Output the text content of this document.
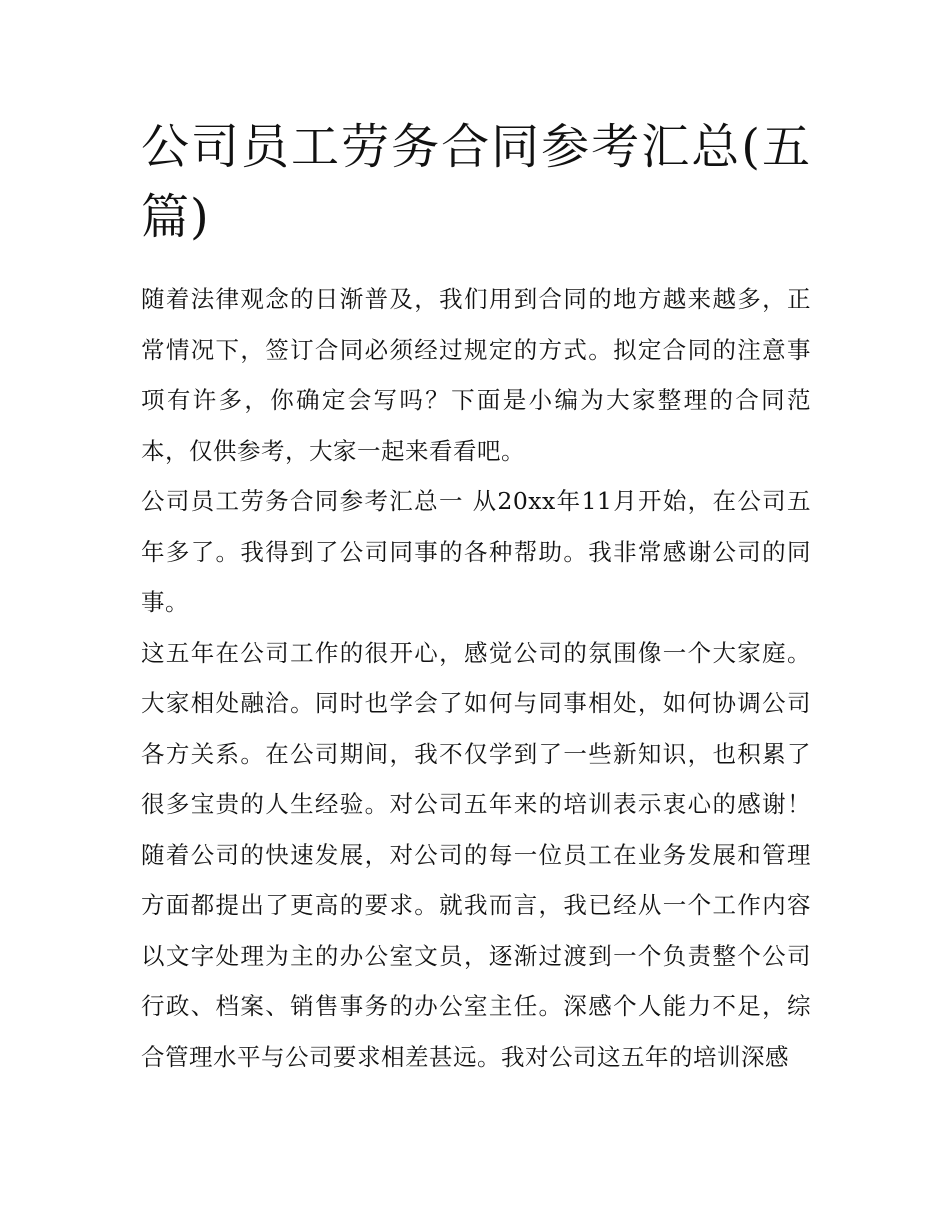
公司员工劳务合同参考汇总(五篇)

随着法律观念的日渐普及，我们用到合同的地方越来越多，正常情况下，签订合同必须经过规定的方式。拟定合同的注意事项有许多，你确定会写吗？下面是小编为大家整理的合同范本，仅供参考，大家一起来看看吧。

公司员工劳务合同参考汇总一 从20xx年11月开始，在公司五年多了。我得到了公司同事的各种帮助。我非常感谢公司的同事。

这五年在公司工作的很开心，感觉公司的氛围像一个大家庭。大家相处融洽。同时也学会了如何与同事相处，如何协调公司各方关系。在公司期间，我不仅学到了一些新知识，也积累了很多宝贵的人生经验。对公司五年来的培训表示衷心的感谢！随着公司的快速发展，对公司的每一位员工在业务发展和管理方面都提出了更高的要求。就我而言，我已经从一个工作内容以文字处理为主的办公室文员，逐渐过渡到一个负责整个公司行政、档案、销售事务的办公室主任。深感个人能力不足，综合管理水平与公司要求相差甚远。我对公司这五年的培训深感
